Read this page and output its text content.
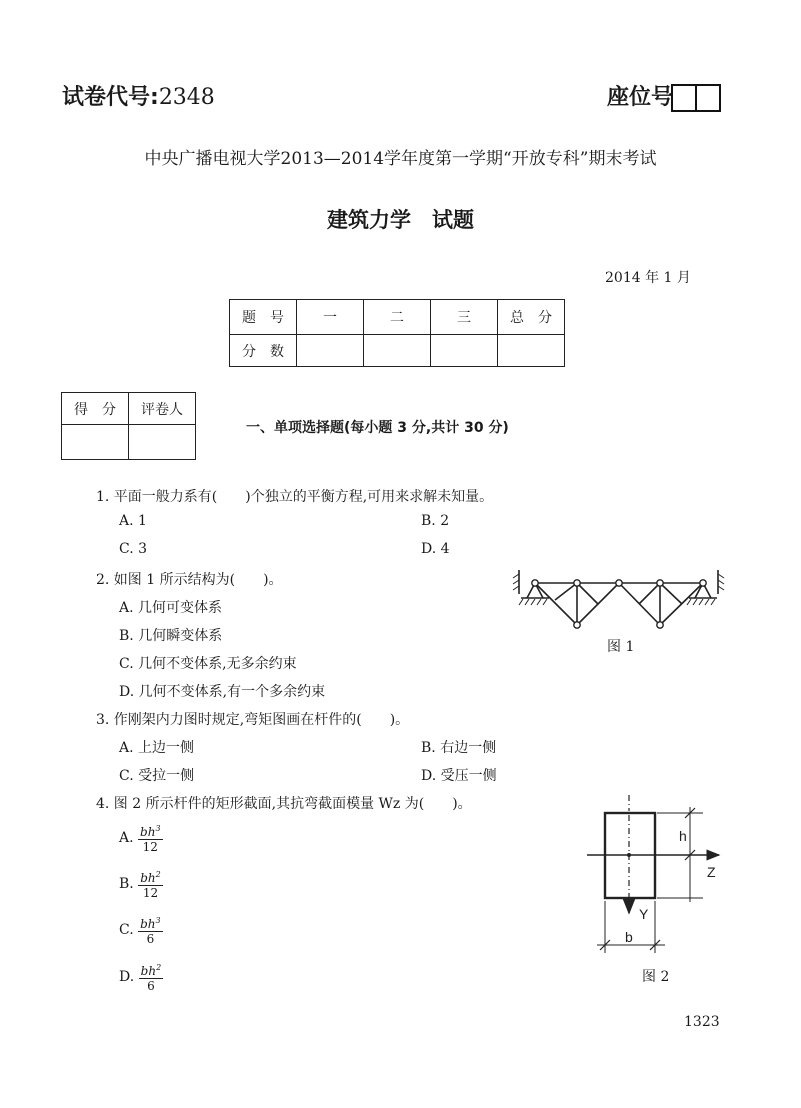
试卷代号:2348	座位号
中央广播电视大学2013—2014学年度第一学期“开放专科”期末考试
建筑力学　试题
2014 年 1 月
题　号	一	二	三	总　分
分　数				
得　分	评卷人

一、单项选择题(每小题 3 分,共计 30 分)
1. 平面一般力系有(　　)个独立的平衡方程,可用来求解未知量。
A. 1	B. 2
C. 3	D. 4
2. 如图 1 所示结构为(　　)。
A. 几何可变体系
B. 几何瞬变体系
C. 几何不变体系,无多余约束
D. 几何不变体系,有一个多余约束
图 1
3. 作刚架内力图时规定,弯矩图画在杆件的(　　)。
A. 上边一侧	B. 右边一侧
C. 受拉一侧	D. 受压一侧
4. 图 2 所示杆件的矩形截面,其抗弯截面模量 Wz 为(　　)。
A. $\frac{bh^3}{12}$
B. $\frac{bh^2}{12}$
C. $\frac{bh^3}{6}$
D. $\frac{bh^2}{6}$
h
Z
Y
b
图 2
1323
